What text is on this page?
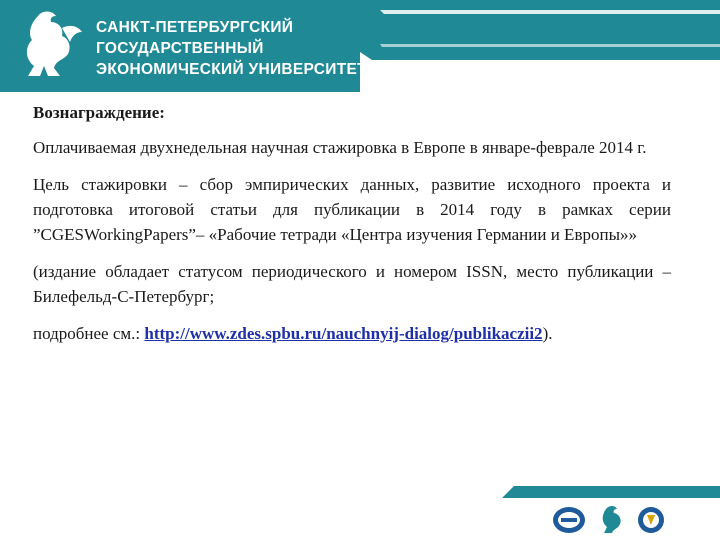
САНКТ-ПЕТЕРБУРГСКИЙ
ГОСУДАРСТВЕННЫЙ
ЭКОНОМИЧЕСКИЙ УНИВЕРСИТЕТ
Вознаграждение:
Оплачиваемая двухнедельная научная стажировка в Европе в январе-феврале 2014 г.
Цель стажировки – сбор эмпирических данных, развитие исходного проекта и подготовка итоговой статьи для публикации в 2014 году в рамках серии ”CGESWorkingPapers”– «Рабочие тетради «Центра изучения Германии и Европы»»
(издание обладает статусом периодического и номером ISSN, место публикации – Билефельд-С-Петербург;
подробнее см.: http://www.zdes.spbu.ru/nauchnyij-dialog/publikaczii2).
